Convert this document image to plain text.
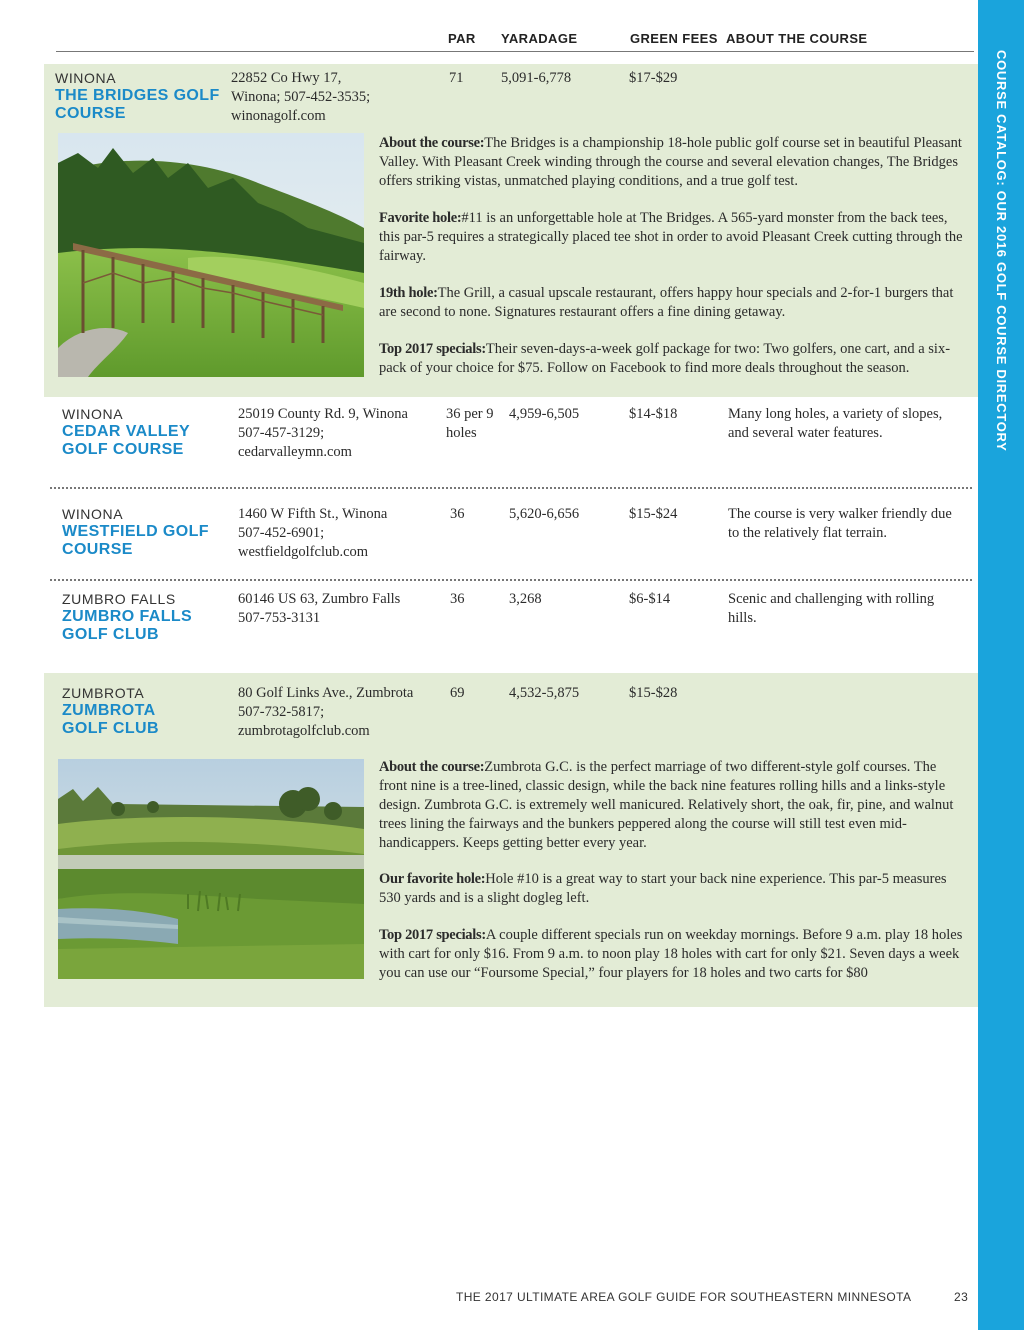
COURSE CATALOG: OUR 2016 GOLF COURSE DIRECTORY
PAR YARADAGE	GREEN FEES ABOUT THE COURSE
WINONA
THE BRIDGES GOLF
COURSE
22852 Co Hwy 17,
Winona; 507-452-3535;
winonagolf.com
71	5,091-6,778	$17-$29
About the course:The Bridges is a championship 18-hole public golf course set in beautiful Pleasant Valley. With Pleasant Creek winding through the course and several elevation changes, The Bridges offers striking vistas, unmatched playing conditions, and a true golf test.
Favorite hole:#11 is an unforgettable hole at The Bridges. A 565-yard monster from the back tees, this par-5 requires a strategically placed tee shot in order to avoid Pleasant Creek cutting through the fairway.
19th hole:The Grill, a casual upscale restaurant, offers happy hour specials and 2-for-1 burgers that are second to none. Signatures restaurant offers a fine dining getaway.
Top 2017 specials:Their seven-days-a-week golf package for two: Two golfers, one cart, and a six-pack of your choice for $75. Follow on Facebook to find more deals throughout the season.
WINONA
CEDAR VALLEY
GOLF COURSE
25019 County Rd. 9, Winona
507-457-3129;
cedarvalleymn.com
36 per 9
holes
4,959-6,505	$14-$18	Many long holes, a variety of slopes,
and several water features.
WINONA
WESTFIELD GOLF
COURSE
1460 W Fifth St., Winona
507-452-6901;
westfieldgolfclub.com
36	5,620-6,656	$15-$24	The course is very walker friendly due
to the relatively flat terrain.
ZUMBRO FALLS
ZUMBRO FALLS
GOLF CLUB
60146 US 63, Zumbro Falls
507-753-3131
36	3,268	$6-$14	Scenic and challenging with rolling
hills.
ZUMBROTA
ZUMBROTA
GOLF CLUB
80 Golf Links Ave., Zumbrota
507-732-5817;
zumbrotagolfclub.com
69	4,532-5,875	$15-$28
About the course:Zumbrota G.C. is the perfect marriage of two different-style golf courses. The front nine is a tree-lined, classic design, while the back nine features rolling hills and a links-style design. Zumbrota G.C. is extremely well manicured. Relatively short, the oak, fir, pine, and walnut trees lining the fairways and the bunkers peppered along the course will still test even mid-handicappers. Keeps getting better every year.
Our favorite hole:Hole #10 is a great way to start your back nine experience. This par-5 measures 530 yards and is a slight dogleg left.
Top 2017 specials:A couple different specials run on weekday mornings. Before 9 a.m. play 18 holes with cart for only $16. From 9 a.m. to noon play 18 holes with cart for only $21. Seven days a week you can use our “Foursome Special,” four players for 18 holes and two carts for $80
THE 2017 ULTIMATE AREA GOLF GUIDE FOR SOUTHEASTERN MINNESOTA	23
